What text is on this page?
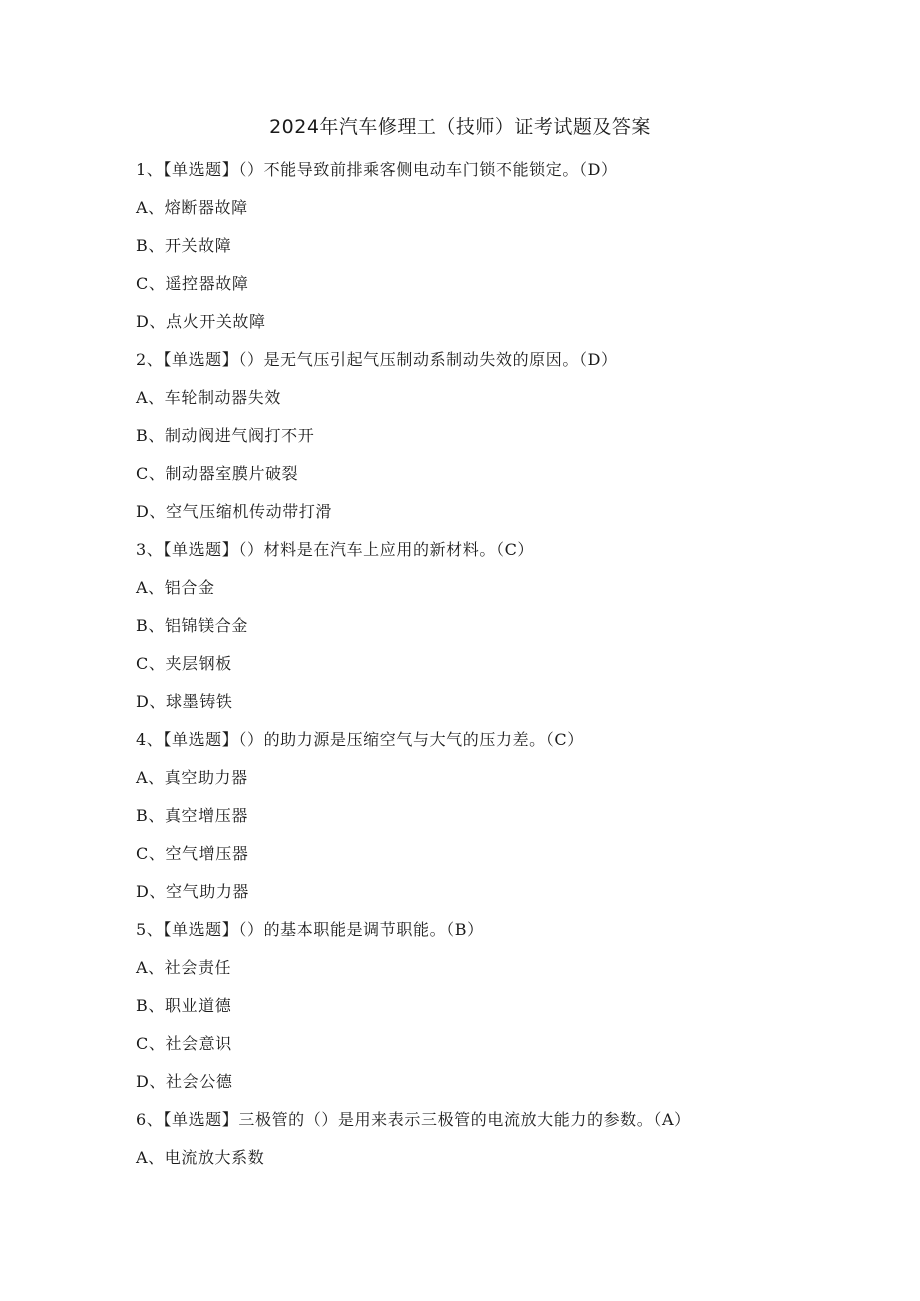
2024年汽车修理工（技师）证考试题及答案
1、【单选题】（）不能导致前排乘客侧电动车门锁不能锁定。（D）
A、熔断器故障
B、开关故障
C、遥控器故障
D、点火开关故障
2、【单选题】（）是无气压引起气压制动系制动失效的原因。（D）
A、车轮制动器失效
B、制动阀进气阀打不开
C、制动器室膜片破裂
D、空气压缩机传动带打滑
3、【单选题】（）材料是在汽车上应用的新材料。（C）
A、铝合金
B、铝锦镁合金
C、夹层钢板
D、球墨铸铁
4、【单选题】（）的助力源是压缩空气与大气的压力差。（C）
A、真空助力器
B、真空增压器
C、空气增压器
D、空气助力器
5、【单选题】（）的基本职能是调节职能。（B）
A、社会责任
B、职业道德
C、社会意识
D、社会公德
6、【单选题】三极管的（）是用来表示三极管的电流放大能力的参数。（A）
A、电流放大系数
